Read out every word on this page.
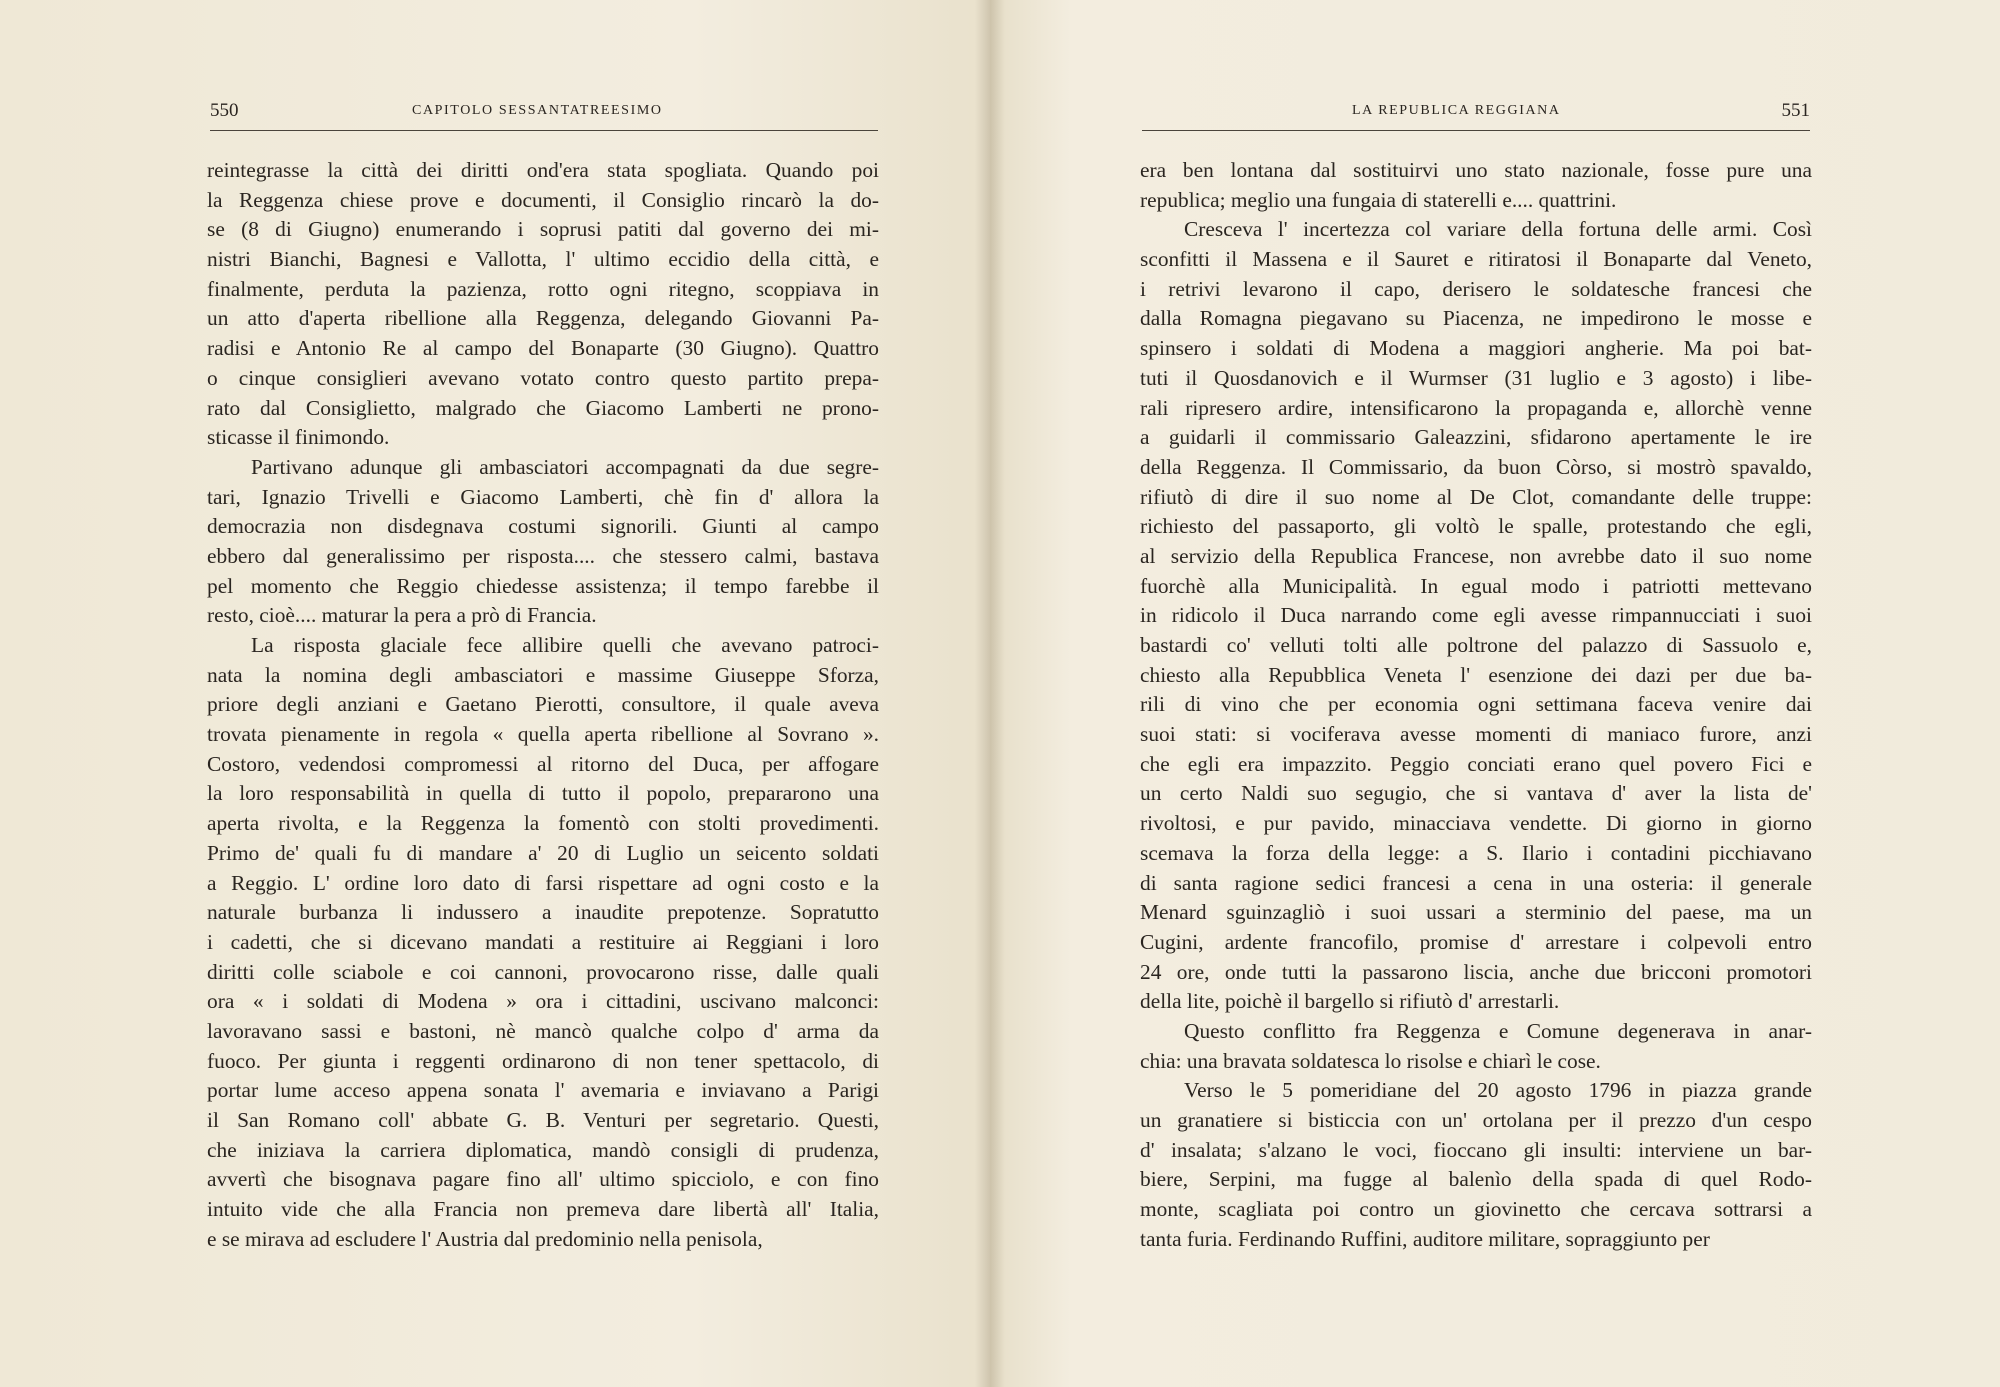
550	CAPITOLO SESSANTATREESIMO
reintegrasse la città dei diritti ond'era stata spogliata. Quando poi
la Reggenza chiese prove e documenti, il Consiglio rincarò la do-
se (8 di Giugno) enumerando i soprusi patiti dal governo dei mi-
nistri Bianchi, Bagnesi e Vallotta, l' ultimo eccidio della città, e
finalmente, perduta la pazienza, rotto ogni ritegno, scoppiava in
un atto d'aperta ribellione alla Reggenza, delegando Giovanni Pa-
radisi e Antonio Re al campo del Bonaparte (30 Giugno). Quattro
o cinque consiglieri avevano votato contro questo partito prepa-
rato dal Consiglietto, malgrado che Giacomo Lamberti ne prono-
sticasse il finimondo.
Partivano adunque gli ambasciatori accompagnati da due segre-
tari, Ignazio Trivelli e Giacomo Lamberti, chè fin d' allora la
democrazia non disdegnava costumi signorili. Giunti al campo
ebbero dal generalissimo per risposta.... che stessero calmi, bastava
pel momento che Reggio chiedesse assistenza; il tempo farebbe il
resto, cioè.... maturar la pera a prò di Francia.
La risposta glaciale fece allibire quelli che avevano patroci-
nata la nomina degli ambasciatori e massime Giuseppe Sforza,
priore degli anziani e Gaetano Pierotti, consultore, il quale aveva
trovata pienamente in regola « quella aperta ribellione al Sovrano ».
Costoro, vedendosi compromessi al ritorno del Duca, per affogare
la loro responsabilità in quella di tutto il popolo, prepararono una
aperta rivolta, e la Reggenza la fomentò con stolti provedimenti.
Primo de' quali fu di mandare a' 20 di Luglio un seicento soldati
a Reggio. L' ordine loro dato di farsi rispettare ad ogni costo e la
naturale burbanza li indussero a inaudite prepotenze. Sopratutto
i cadetti, che si dicevano mandati a restituire ai Reggiani i loro
diritti colle sciabole e coi cannoni, provocarono risse, dalle quali
ora « i soldati di Modena » ora i cittadini, uscivano malconci:
lavoravano sassi e bastoni, nè mancò qualche colpo d' arma da
fuoco. Per giunta i reggenti ordinarono di non tener spettacolo, di
portar lume acceso appena sonata l' avemaria e inviavano a Parigi
il San Romano coll' abbate G. B. Venturi per segretario. Questi,
che iniziava la carriera diplomatica, mandò consigli di prudenza,
avvertì che bisognava pagare fino all' ultimo spicciolo, e con fino
intuito vide che alla Francia non premeva dare libertà all' Italia,
e se mirava ad escludere l' Austria dal predominio nella penisola,
LA REPUBLICA REGGIANA	551
era ben lontana dal sostituirvi uno stato nazionale, fosse pure una
republica; meglio una fungaia di staterelli e.... quattrini.
Cresceva l' incertezza col variare della fortuna delle armi. Così
sconfitti il Massena e il Sauret e ritiratosi il Bonaparte dal Veneto,
i retrivi levarono il capo, derisero le soldatesche francesi che
dalla Romagna piegavano su Piacenza, ne impedirono le mosse e
spinsero i soldati di Modena a maggiori angherie. Ma poi bat-
tuti il Quosdanovich e il Wurmser (31 luglio e 3 agosto) i libe-
rali ripresero ardire, intensificarono la propaganda e, allorchè venne
a guidarli il commissario Galeazzini, sfidarono apertamente le ire
della Reggenza. Il Commissario, da buon Còrso, si mostrò spavaldo,
rifiutò di dire il suo nome al De Clot, comandante delle truppe:
richiesto del passaporto, gli voltò le spalle, protestando che egli,
al servizio della Republica Francese, non avrebbe dato il suo nome
fuorchè alla Municipalità. In egual modo i patriotti mettevano
in ridicolo il Duca narrando come egli avesse rimpannucciati i suoi
bastardi co' velluti tolti alle poltrone del palazzo di Sassuolo e,
chiesto alla Repubblica Veneta l' esenzione dei dazi per due ba-
rili di vino che per economia ogni settimana faceva venire dai
suoi stati: si vociferava avesse momenti di maniaco furore, anzi
che egli era impazzito. Peggio conciati erano quel povero Fici e
un certo Naldi suo segugio, che si vantava d' aver la lista de'
rivoltosi, e pur pavido, minacciava vendette. Di giorno in giorno
scemava la forza della legge: a S. Ilario i contadini picchiavano
di santa ragione sedici francesi a cena in una osteria: il generale
Menard sguinzagliò i suoi ussari a sterminio del paese, ma un
Cugini, ardente francofilo, promise d' arrestare i colpevoli entro
24 ore, onde tutti la passarono liscia, anche due bricconi promotori
della lite, poichè il bargello si rifiutò d' arrestarli.
Questo conflitto fra Reggenza e Comune degenerava in anar-
chia: una bravata soldatesca lo risolse e chiarì le cose.
Verso le 5 pomeridiane del 20 agosto 1796 in piazza grande
un granatiere si bisticcia con un' ortolana per il prezzo d'un cespo
d' insalata; s'alzano le voci, fioccano gli insulti: interviene un bar-
biere, Serpini, ma fugge al balenìo della spada di quel Rodo-
monte, scagliata poi contro un giovinetto che cercava sottrarsi a
tanta furia. Ferdinando Ruffini, auditore militare, sopraggiunto per
